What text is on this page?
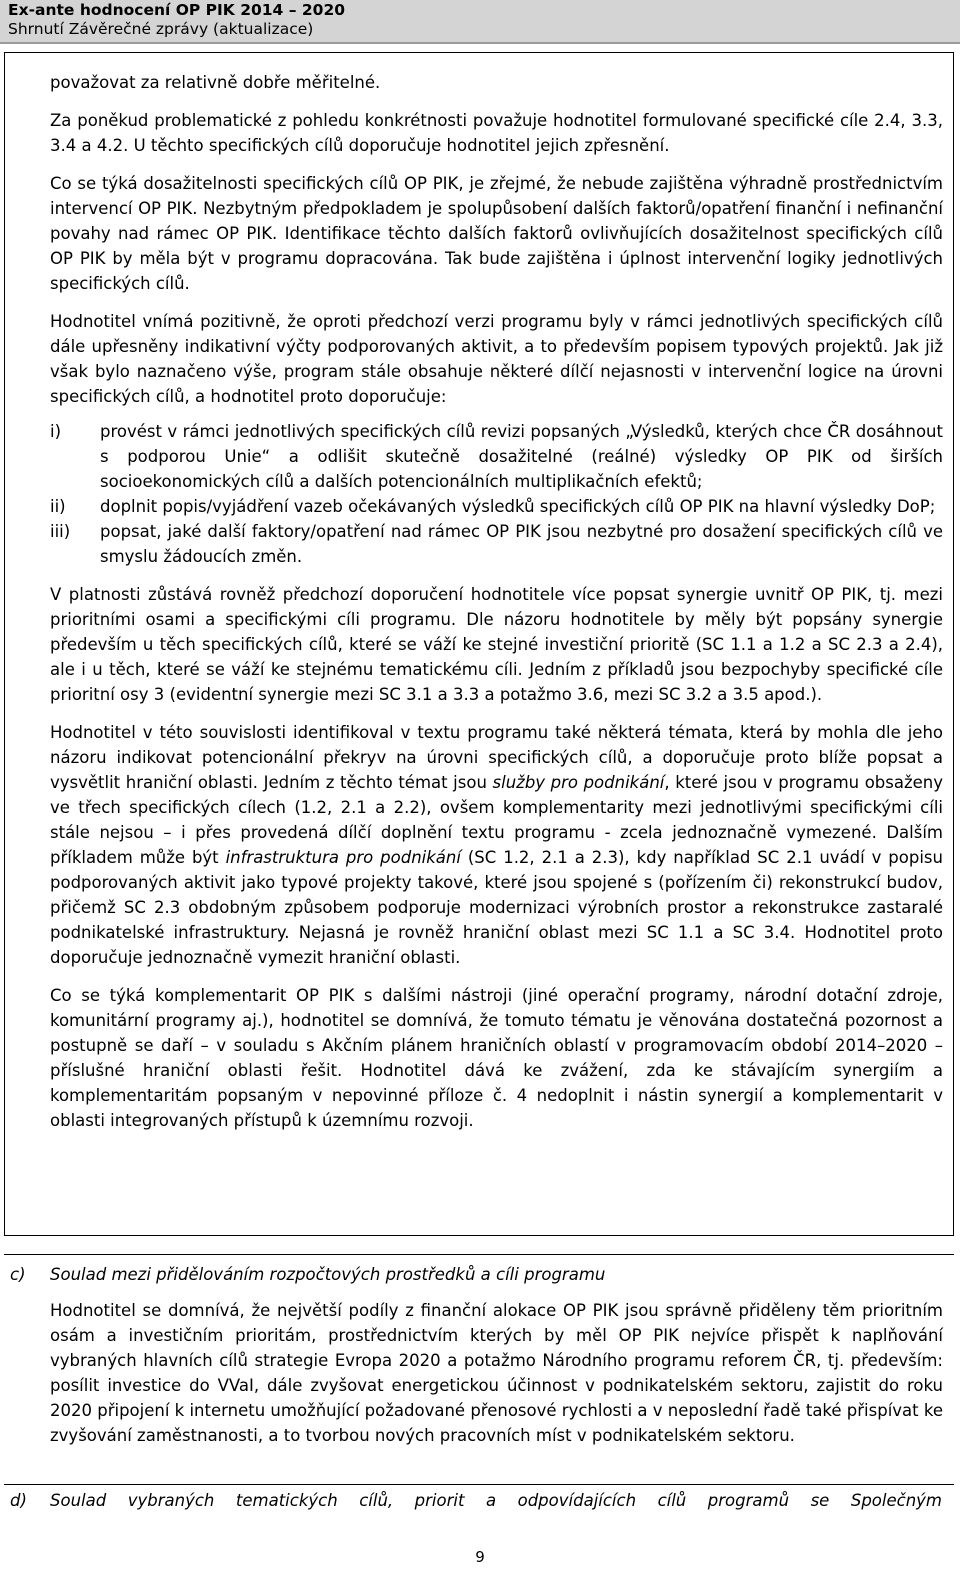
Ex-ante hodnocení OP PIK 2014 – 2020
Shrnutí Závěrečné zprávy (aktualizace)

považovat za relativně dobře měřitelné.

Za poněkud problematické z pohledu konkrétnosti považuje hodnotitel formulované specifické cíle 2.4, 3.3, 3.4 a 4.2. U těchto specifických cílů doporučuje hodnotitel jejich zpřesnění.

Co se týká dosažitelnosti specifických cílů OP PIK, je zřejmé, že nebude zajištěna výhradně prostřednictvím intervencí OP PIK. Nezbytným předpokladem je spolupůsobení dalších faktorů/opatření finanční i nefinanční povahy nad rámec OP PIK. Identifikace těchto dalších faktorů ovlivňujících dosažitelnost specifických cílů OP PIK by měla být v programu dopracována. Tak bude zajištěna i úplnost intervenční logiky jednotlivých specifických cílů.

Hodnotitel vnímá pozitivně, že oproti předchozí verzi programu byly v rámci jednotlivých specifických cílů dále upřesněny indikativní výčty podporovaných aktivit, a to především popisem typových projektů. Jak již však bylo naznačeno výše, program stále obsahuje některé dílčí nejasnosti v intervenční logice na úrovni specifických cílů, a hodnotitel proto doporučuje:

i) provést v rámci jednotlivých specifických cílů revizi popsaných „Výsledků, kterých chce ČR dosáhnout s podporou Unie“ a odlišit skutečně dosažitelné (reálné) výsledky OP PIK od širších socioekonomických cílů a dalších potencionálních multiplikačních efektů;
ii) doplnit popis/vyjádření vazeb očekávaných výsledků specifických cílů OP PIK na hlavní výsledky DoP;
iii) popsat, jaké další faktory/opatření nad rámec OP PIK jsou nezbytné pro dosažení specifických cílů ve smyslu žádoucích změn.

V platnosti zůstává rovněž předchozí doporučení hodnotitele více popsat synergie uvnitř OP PIK, tj. mezi prioritními osami a specifickými cíli programu. Dle názoru hodnotitele by měly být popsány synergie především u těch specifických cílů, které se váží ke stejné investiční prioritě (SC 1.1 a 1.2 a SC 2.3 a 2.4), ale i u těch, které se váží ke stejnému tematickému cíli. Jedním z příkladů jsou bezpochyby specifické cíle prioritní osy 3 (evidentní synergie mezi SC 3.1 a 3.3 a potažmo 3.6, mezi SC 3.2 a 3.5 apod.).

Hodnotitel v této souvislosti identifikoval v textu programu také některá témata, která by mohla dle jeho názoru indikovat potencionální překryv na úrovni specifických cílů, a doporučuje proto blíže popsat a vysvětlit hraniční oblasti. Jedním z těchto témat jsou služby pro podnikání, které jsou v programu obsaženy ve třech specifických cílech (1.2, 2.1 a 2.2), ovšem komplementarity mezi jednotlivými specifickými cíli stále nejsou – i přes provedená dílčí doplnění textu programu - zcela jednoznačně vymezené. Dalším příkladem může být infrastruktura pro podnikání (SC 1.2, 2.1 a 2.3), kdy například SC 2.1 uvádí v popisu podporovaných aktivit jako typové projekty takové, které jsou spojené s (pořízením či) rekonstrukcí budov, přičemž SC 2.3 obdobným způsobem podporuje modernizaci výrobních prostor a rekonstrukce zastaralé podnikatelské infrastruktury. Nejasná je rovněž hraniční oblast mezi SC 1.1 a SC 3.4. Hodnotitel proto doporučuje jednoznačně vymezit hraniční oblasti.

Co se týká komplementarit OP PIK s dalšími nástroji (jiné operační programy, národní dotační zdroje, komunitární programy aj.), hodnotitel se domnívá, že tomuto tématu je věnována dostatečná pozornost a postupně se daří – v souladu s Akčním plánem hraničních oblastí v programovacím období 2014–2020 – příslušné hraniční oblasti řešit. Hodnotitel dává ke zvážení, zda ke stávajícím synergiím a komplementaritám popsaným v nepovinné příloze č. 4 nedoplnit i nástin synergií a komplementarit v oblasti integrovaných přístupů k územnímu rozvoji.

c) Soulad mezi přidělováním rozpočtových prostředků a cíli programu

Hodnotitel se domnívá, že největší podíly z finanční alokace OP PIK jsou správně přiděleny těm prioritním osám a investičním prioritám, prostřednictvím kterých by měl OP PIK nejvíce přispět k naplňování vybraných hlavních cílů strategie Evropa 2020 a potažmo Národního programu reforem ČR, tj. především: posílit investice do VVaI, dále zvyšovat energetickou účinnost v podnikatelském sektoru, zajistit do roku 2020 připojení k internetu umožňující požadované přenosové rychlosti a v neposlední řadě také přispívat ke zvyšování zaměstnanosti, a to tvorbou nových pracovních míst v podnikatelském sektoru.

d) Soulad vybraných tematických cílů, priorit a odpovídajících cílů programů se Společným
9
